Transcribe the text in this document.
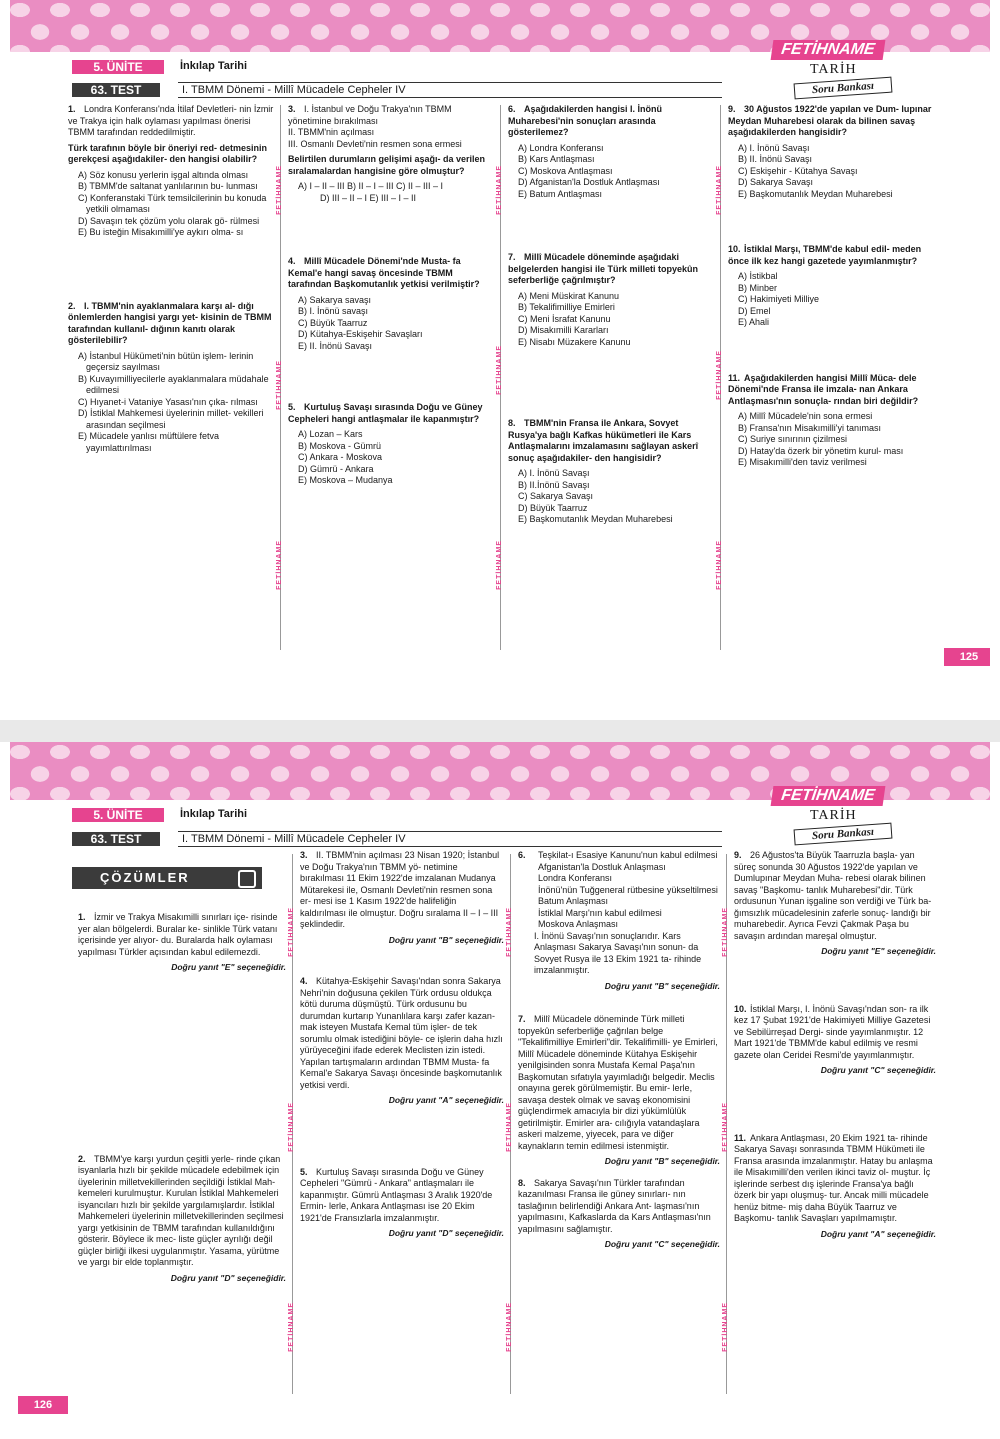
5. ÜNİTE	İnkılap Tarihi
63. TEST	I. TBMM Dönemi - Millî Mücadele Cepheler IV
FETİHNAME
TARİH
Soru Bankası
FETİHNAME
FETİHNAME
FETİHNAME
FETİHNAME
FETİHNAME
FETİHNAME
FETİHNAME
FETİHNAME
FETİHNAME

1. Londra Konferansı'nda İtilaf Devletleri- nin İzmir ve Trakya için halk oylaması yapılması önerisi TBMM tarafından reddedilmiştir.

Türk tarafının böyle bir öneriyi red- detmesinin gerekçesi aşağıdakiler- den hangisi olabilir?

A) Söz konusu yerlerin işgal altında olması
B) TBMM'de saltanat yanlılarının bu- lunması
C) Konferanstaki Türk temsilcilerinin bu konuda yetkili olmaması
D) Savaşın tek çözüm yolu olarak gö- rülmesi
E) Bu isteğin Misakımilli'ye aykırı olma- sı

2. I. TBMM'nin ayaklanmalara karşı al- dığı önlemlerden hangisi yargı yet- kisinin de TBMM tarafından kullanıl- dığının kanıtı olarak gösterilebilir?

A) İstanbul Hükümeti'nin bütün işlem- lerinin geçersiz sayılması
B) Kuvayımilliyecilerle ayaklanmalara müdahale edilmesi
C) Hıyanet-i Vataniye Yasası'nın çıka- rılması
D) İstiklal Mahkemesi üyelerinin millet- vekilleri arasından seçilmesi
E) Mücadele yanlısı müftülere fetva yayımlattırılması

3. I. İstanbul ve Doğu Trakya'nın TBMM yönetimine bırakılması
II. TBMM'nin açılması
III. Osmanlı Devleti'nin resmen sona ermesi

Belirtilen durumların gelişimi aşağı- da verilen sıralamalardan hangisine göre olmuştur?

A) I – II – III B) II – I – III C) II – III – I
D) III – II – I E) III – I – II

4. Millî Mücadele Dönemi'nde Musta- fa Kemal'e hangi savaş öncesinde TBMM tarafından Başkomutanlık yetkisi verilmiştir?

A) Sakarya savaşı
B) I. İnönü savaşı
C) Büyük Taarruz
D) Kütahya-Eskişehir Savaşları
E) II. İnönü Savaşı

5. Kurtuluş Savaşı sırasında Doğu ve Güney Cepheleri hangi antlaşmalar ile kapanmıştır?

A) Lozan – Kars
B) Moskova - Gümrü
C) Ankara - Moskova
D) Gümrü - Ankara
E) Moskova – Mudanya

6. Aşağıdakilerden hangisi I. İnönü Muharebesi'nin sonuçları arasında gösterilemez?

A) Londra Konferansı
B) Kars Antlaşması
C) Moskova Antlaşması
D) Afganistan'la Dostluk Antlaşması
E) Batum Antlaşması

7. Millî Mücadele döneminde aşağıdaki belgelerden hangisi ile Türk milleti topyekûn seferberliğe çağrılmıştır?

A) Meni Müskirat Kanunu
B) Tekalifimilliye Emirleri
C) Meni İsrafat Kanunu
D) Misakımilli Kararları
E) Nisabı Müzakere Kanunu

8. TBMM'nin Fransa ile Ankara, Sovyet Rusya'ya bağlı Kafkas hükümetleri ile Kars Antlaşmalarını imzalamasını sağlayan askerî sonuç aşağıdakiler- den hangisidir?

A) I. İnönü Savaşı
B) II.İnönü Savaşı
C) Sakarya Savaşı
D) Büyük Taarruz
E) Başkomutanlık Meydan Muharebesi

9. 30 Ağustos 1922'de yapılan ve Dum- lupınar Meydan Muharebesi olarak da bilinen savaş aşağıdakilerden hangisidir?

A) I. İnönü Savaşı
B) II. İnönü Savaşı
C) Eskişehir - Kütahya Savaşı
D) Sakarya Savaşı
E) Başkomutanlık Meydan Muharebesi

10. İstiklal Marşı, TBMM'de kabul edil- meden önce ilk kez hangi gazetede yayımlanmıştır?

A) İstikbal
B) Minber
C) Hakimiyeti Milliye
D) Emel
E) Ahali

11. Aşağıdakilerden hangisi Millî Müca- dele Dönemi'nde Fransa ile imzala- nan Ankara Antlaşması'nın sonuçla- rından biri değildir?

A) Millî Mücadele'nin sona ermesi
B) Fransa'nın Misakımilli'yi tanıması
C) Suriye sınırının çizilmesi
D) Hatay'da özerk bir yönetim kurul- ması
E) Misakımilli'den taviz verilmesi
125
5. ÜNİTE	İnkılap Tarihi
63. TEST	I. TBMM Dönemi - Millî Mücadele Cepheler IV
FETİHNAME
TARİH
Soru Bankası
ÇÖZÜMLER
FETİHNAME
FETİHNAME
FETİHNAME
FETİHNAME
FETİHNAME
FETİHNAME
FETİHNAME
FETİHNAME
FETİHNAME

1. İzmir ve Trakya Misakımilli sınırları içe- risinde yer alan bölgelerdi. Buralar ke- sinlikle Türk vatanı içerisinde yer alıyor- du. Buralarda halk oylaması yapılması Türkler açısından kabul edilemezdi.

Doğru yanıt "E" seçeneğidir.

2. TBMM'ye karşı yurdun çeşitli yerle- rinde çıkan isyanlarla hızlı bir şekilde mücadele edebilmek için üyelerinin milletvekillerinden seçildiği İstiklal Mah- kemeleri kurulmuştur. Kurulan İstiklal Mahkemeleri isyancıları hızlı bir şekilde yargılamışlardır. İstiklal Mahkemeleri üyelerinin milletvekillerinden seçilmesi yargı yetkisinin de TBMM tarafından kullanıldığını gösterir. Böylece ik mec- liste güçler ayrılığı değil güçler birliği ilkesi uygulanmıştır. Yasama, yürütme ve yargı bir elde toplanmıştır.

Doğru yanıt "D" seçeneğidir.

3. II. TBMM'nin açılması 23 Nisan 1920; İstanbul ve Doğu Trakya'nın TBMM yö- netimine bırakılması 11 Ekim 1922'de imzalanan Mudanya Mütarekesi ile, Osmanlı Devleti'nin resmen sona er- mesi ise 1 Kasım 1922'de halifeliğin kaldırılması ile olmuştur. Doğru sıralama II – I – III şeklindedir.

Doğru yanıt "B" seçeneğidir.

4. Kütahya-Eskişehir Savaşı'ndan sonra Sakarya Nehri'nin doğusuna çekilen Türk ordusu oldukça kötü duruma düşmüştü. Türk ordusunu bu durumdan kurtarıp Yunanlılara karşı zafer kazan- mak isteyen Mustafa Kemal tüm işler- de tek sorumlu olmak istediğini böyle- ce işlerin daha hızlı yürüyeceğini ifade ederek Meclisten izin istedi. Yapılan tartışmaların ardından TBMM Musta- fa Kemal'e Sakarya Savaşı öncesinde başkomutanlık yetkisi verdi.

Doğru yanıt "A" seçeneğidir.

5. Kurtuluş Savaşı sırasında Doğu ve Güney Cepheleri "Gümrü - Ankara" antlaşmaları ile kapanmıştır. Gümrü Antlaşması 3 Aralık 1920'de Ermin- lerle, Ankara Antlaşması ise 20 Ekim 1921'de Fransızlarla imzalanmıştır.

Doğru yanıt "D" seçeneğidir.
6.	Teşkilat-ı Esasiye Kanunu'nun kabul edilmesi
Afganistan'la Dostluk Anlaşması
Londra Konferansı
İnönü'nün Tuğgeneral rütbesine yükseltilmesi
Batum Anlaşması
İstiklal Marşı'nın kabul edilmesi
Moskova Anlaşması

I. İnönü Savaşı'nın sonuçlarıdır. Kars Anlaşması Sakarya Savaşı'nın sonun- da Sovyet Rusya ile 13 Ekim 1921 ta- rihinde imzalanmıştır.

Doğru yanıt "B" seçeneğidir.

7. Millî Mücadele döneminde Türk milleti topyekûn seferberliğe çağrılan belge "Tekalifimilliye Emirleri"dir. Tekalifimilli- ye Emirleri, Millî Mücadele döneminde Kütahya Eskişehir yenilgisinden sonra Mustafa Kemal Paşa'nın Başkomutan sıfatıyla yayımladığı belgedir. Meclis onayına gerek görülmemiştir. Bu emir- lerle, savaşa destek olmak ve savaş ekonomisini güçlendirmek amacıyla bir dizi yükümlülük getirilmiştir. Emirler ara- cılığıyla vatandaşlara askeri malzeme, yiyecek, para ve diğer kaynakların temin edilmesi istenmiştir.

Doğru yanıt "B" seçeneğidir.

8. Sakarya Savaşı'nın Türkler tarafından kazanılması Fransa ile güney sınırları- nın taslağının belirlendiği Ankara Ant- laşması'nın yapılmasını, Kafkaslarda da Kars Antlaşması'nın yapılmasını sağlamıştır.

Doğru yanıt "C" seçeneğidir.

9. 26 Ağustos'ta Büyük Taarruzla başla- yan süreç sonunda 30 Ağustos 1922'de yapılan ve Dumlupınar Meydan Muha- rebesi olarak bilinen savaş "Başkomu- tanlık Muharebesi"dir. Türk ordusunun Yunan işgaline son verdiği ve Türk ba- ğımsızlık mücadelesinin zaferle sonuç- landığı bir muharebedir. Ayrıca Fevzi Çakmak Paşa bu savaşın ardından mareşal olmuştur.

Doğru yanıt "E" seçeneğidir.

10. İstiklal Marşı, I. İnönü Savaşı'ndan son- ra ilk kez 17 Şubat 1921'de Hakimiyeti Milliye Gazetesi ve Sebilürreşad Dergi- sinde yayımlanmıştır. 12 Mart 1921'de TBMM'de kabul edilmiş ve resmi gazete olan Ceridei Resmi'de yayımlanmıştır.

Doğru yanıt "C" seçeneğidir.

11. Ankara Antlaşması, 20 Ekim 1921 ta- rihinde Sakarya Savaşı sonrasında TBMM Hükümeti ile Fransa arasında imzalanmıştır. Hatay bu anlaşma ile Misakımilli'den verilen ikinci taviz ol- muştur. İç işlerinde serbest dış işlerinde Fransa'ya bağlı özerk bir yapı oluşmuş- tur. Ancak milli mücadele henüz bitme- miş daha Büyük Taarruz ve Başkomu- tanlık Savaşları yapılmamıştır.

Doğru yanıt "A" seçeneğidir.
126
